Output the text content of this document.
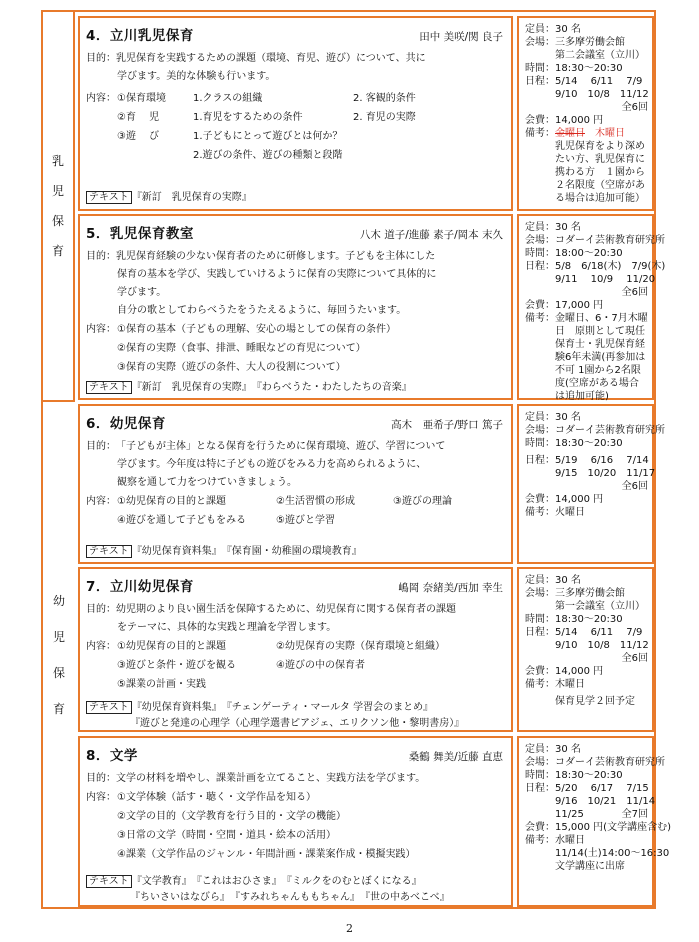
乳
児
保
育
幼
児
保
育
4．立川乳児保育	田中 美咲/関 良子
目的： 乳児保育を実践するための課題（環境、育児、遊び）について、共に
学びます。美的な体験も行います。
内容： ①保育環境	1.クラスの組織	2. 客観的条件
②育　 児	1.育児をするための条件	2. 育児の実際
③遊　 び	1.子どもにとって遊びとは何か？
2.遊びの条件、遊びの種類と段階
テキスト 『新訂　乳児保育の実際』

定員：30 名

会場：三多摩労働会館

第二会議室（立川）

時間：18:30～20:30

日程：5/14　 6/11　 7/9

9/10　10/8　11/12

全6回

会費：14,000 円

備考：金曜日　 木曜日

乳児保育をより深めたい方、乳児保育に携わる方　１園から２名限度（空席がある場合は追加可能）

5．乳児保育教室	八木 道子/進藤 素子/岡本 末久
目的： 乳児保育経験の少ない保育者のために研修します。子どもを主体にした
保育の基本を学び、実践していけるように保育の実際について具体的に
学びます。
自分の歌としてわらべうたをうたえるように、毎回うたいます。
内容： ①保育の基本（子どもの理解、安心の場としての保育の条件）
②保育の実際（食事、排泄、睡眠などの育児について）
③保育の実際（遊びの条件、大人の役割について）
テキスト 『新訂　乳児保育の実際』　『わらべうた・わたしたちの音楽』

定員：30 名

会場：コダーイ芸術教育研究所

時間：18:00～20:30

日程：5/8　6/18(木)　7/9(木)

9/11　 10/9　 11/20

全6回

会費：17,000 円

備考： 金曜日、6・7月木曜日　原則として現任保育士・乳児保育経験6年未満(再参加は不可 1園から2名限度(空席がある場合は追加可能)
6．幼児保育	高木　亜希子/野口 篤子
目的： 「子どもが主体」となる保育を行うために保育環境、遊び、学習について
学びます。今年度は特に子どもの遊びをみる力を高められるように、
観察を通して力をつけていきましょう。
内容： ①幼児保育の目的と課題	②生活習慣の形成	③遊びの理論
④遊びを通して子どもをみる	⑤遊びと学習
テキスト 『幼児保育資料集』　『保育園・幼稚園の環境教育』

定員：30 名

会場：コダーイ芸術教育研究所

時間：18:30～20:30

日程：5/19　 6/16　 7/14

9/15　10/20　11/17

全6回

会費：14,000 円

備考：火曜日

7．立川幼児保育	嶋岡 奈緒美/西加 幸生
目的： 幼児期のより良い園生活を保障するために、幼児保育に関する保育者の課題
をテーマに、具体的な実践と理論を学習します。
内容： ①幼児保育の目的と課題	②幼児保育の実際（保育環境と組織）
③遊びと条件・遊びを観る	④遊びの中の保育者
⑤課業の計画・実践
テキスト 『幼児保育資料集』　『チェンゲーティ・マールタ 学習会のまとめ』
『遊びと発達の心理学（心理学選書ピアジェ、エリクソン他・黎明書房）』

定員：30 名

会場：三多摩労働会館

第一会議室（立川）

時間：18:30～20:30

日程：5/14　 6/11　 7/9

9/10　10/8　11/12

全6回

会費：14,000 円

備考：木曜日

保育見学２回予定

8．文学	桑鶴 舞美/近藤 直恵
目的： 文学の材料を増やし、課業計画を立てること、実践方法を学びます。
内容： ①文学体験（話す・聴く・文学作品を知る）
②文学の目的（文学教育を行う目的・文学の機能）
③日常の文学（時間・空間・道具・絵本の活用）
④課業（文学作品のジャンル・年間計画・課業案作成・模擬実践）
テキスト 『文学教育』　『これはおひさま』　『ミルクをのむとぼくになる』
『ちいさいはなびら』　『すみれちゃんももちゃん』　『世の中あべこべ』

定員：30 名

会場：コダーイ芸術教育研究所

時間：18:30～20:30

日程：5/20　 6/17　 7/15

9/16　10/21　11/14

11/25	全7回

会費：15,000 円(文学講座含む)

備考：水曜日

11/14(土)14:00～16:30

文学講座に出席

2
